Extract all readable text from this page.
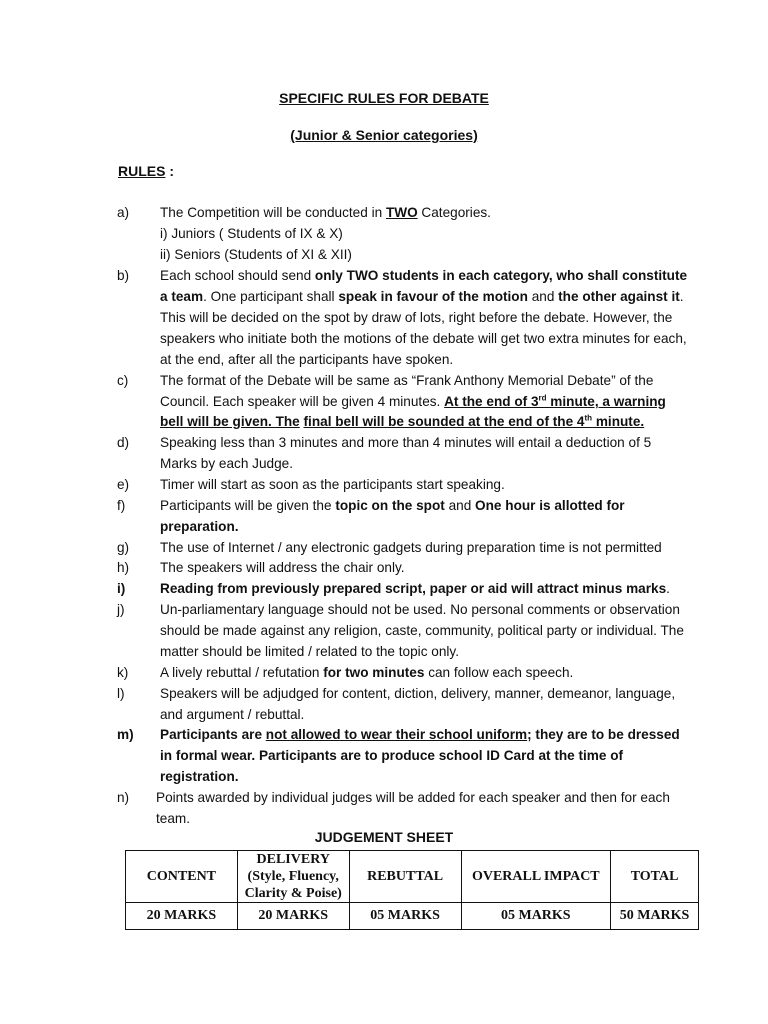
SPECIFIC RULES FOR DEBATE
(Junior & Senior categories)
RULES :
a)	The Competition will be conducted in TWO Categories.
i) Juniors ( Students of IX & X)
ii) Seniors (Students of XI & XII)
b)	Each school should send only TWO students in each category, who shall constitute
a team. One participant shall speak in favour of the motion and the other against it.
This will be decided on the spot by draw of lots, right before the debate. However, the
speakers who initiate both the motions of the debate will get two extra minutes for each,
at the end, after all the participants have spoken.
c)	The format of the Debate will be same as “Frank Anthony Memorial Debate” of the
Council. Each speaker will be given 4 minutes. At the end of 3rd minute, a warning
bell will be given. The final bell will be sounded at the end of the 4th minute.
d)	Speaking less than 3 minutes and more than 4 minutes will entail a deduction of 5
Marks by each Judge.
e)	Timer will start as soon as the participants start speaking.
f)	Participants will be given the topic on the spot and One hour is allotted for
preparation.
g)	The use of Internet / any electronic gadgets during preparation time is not permitted
h)	The speakers will address the chair only.
i)	Reading from previously prepared script, paper or aid will attract minus marks.
j)	Un-parliamentary language should not be used. No personal comments or observation
should be made against any religion, caste, community, political party or individual. The
matter should be limited / related to the topic only.
k)	A lively rebuttal / refutation for two minutes can follow each speech.
l)	Speakers will be adjudged for content, diction, delivery, manner, demeanor, language,
and argument / rebuttal.
m)	Participants are not allowed to wear their school uniform; they are to be dressed
in formal wear. Participants are to produce school ID Card at the time of
registration.
n)	Points awarded by individual judges will be added for each speaker and then for each
team.
JUDGEMENT SHEET
CONTENT	DELIVERY
(Style, Fluency,
Clarity & Poise)	REBUTTAL	OVERALL IMPACT	TOTAL
20 MARKS	20 MARKS	05 MARKS	05 MARKS	50 MARKS
